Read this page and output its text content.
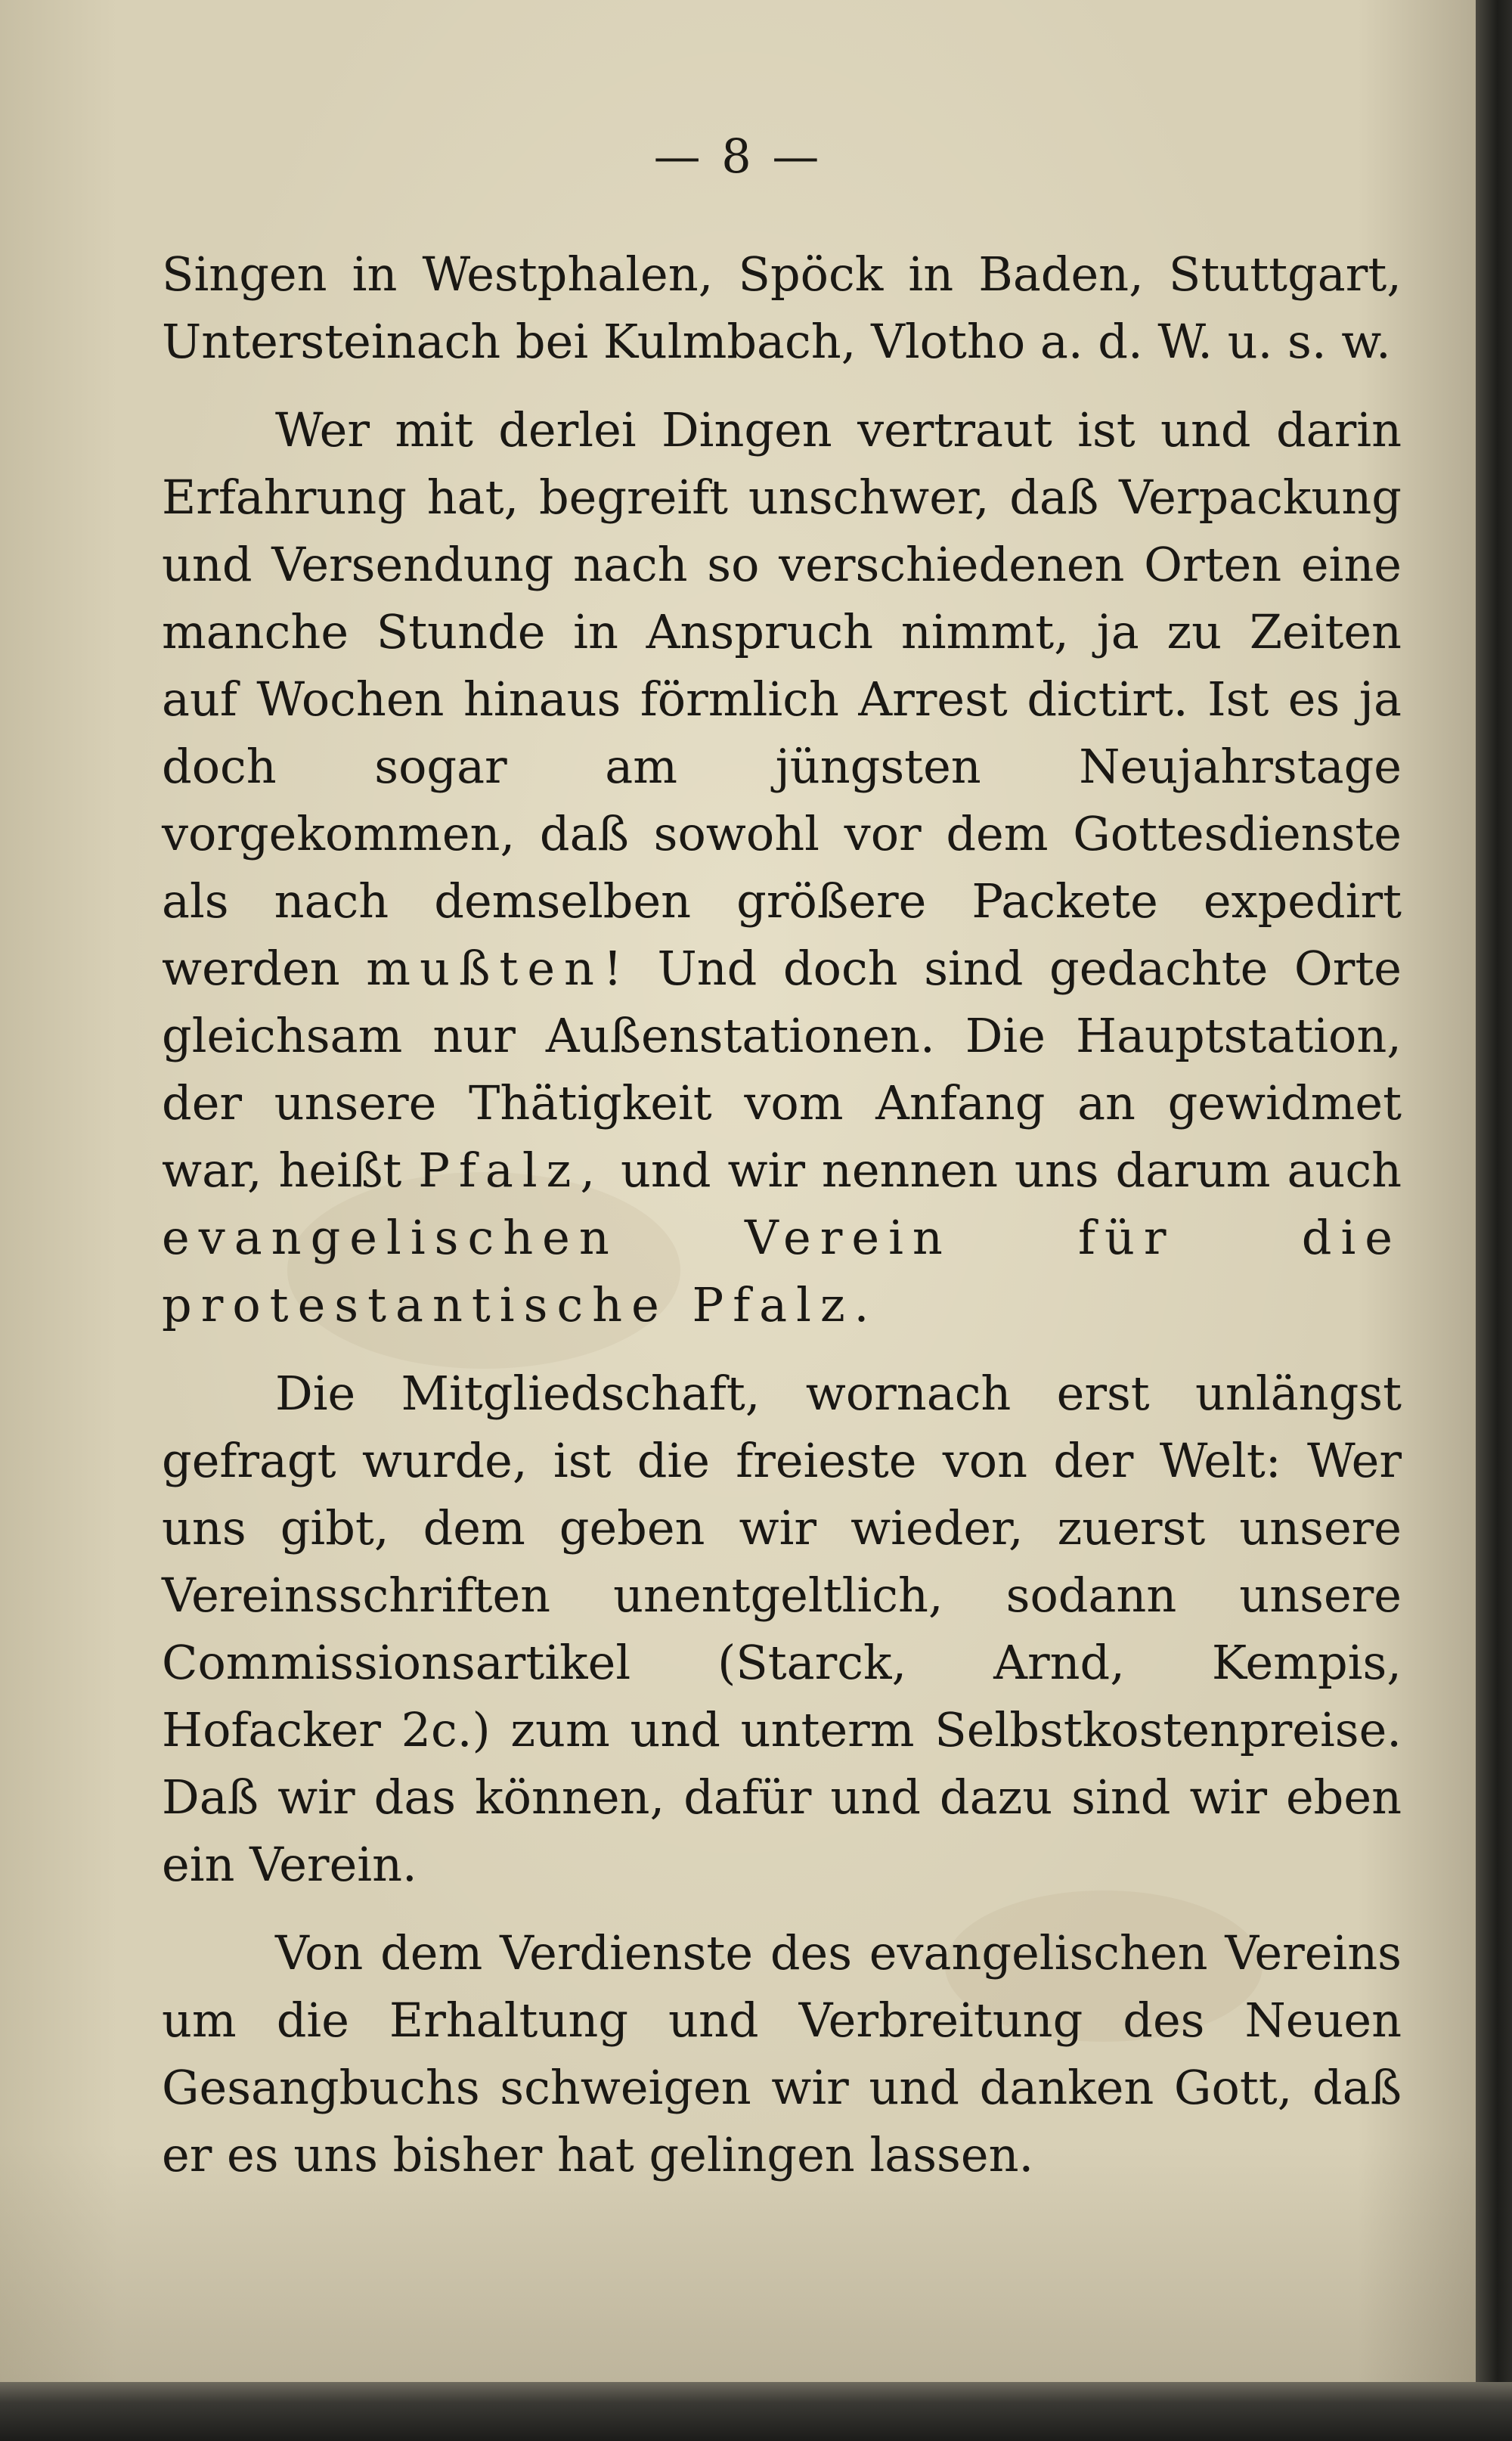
— 8 —

Singen in Westphalen, Spöck in Baden, Stuttgart, Untersteinach bei Kulmbach, Vlotho a. d. W. u. s. w.

Wer mit derlei Dingen vertraut ist und darin Erfahrung hat, begreift unschwer, daß Verpackung und Versendung nach so verschiedenen Orten eine manche Stunde in Anspruch nimmt, ja zu Zeiten auf Wochen hinaus förmlich Arrest dictirt. Ist es ja doch sogar am jüngsten Neujahrstage vorgekommen, daß sowohl vor dem Gottesdienste als nach demselben größere Packete expedirt werden mußten! Und doch sind gedachte Orte gleichsam nur Außenstationen. Die Hauptstation, der unsere Thätigkeit vom Anfang an gewidmet war, heißt Pfalz, und wir nennen uns darum auch evangelischen Verein für die protestantische Pfalz.

Die Mitgliedschaft, wornach erst unlängst gefragt wurde, ist die freieste von der Welt: Wer uns gibt, dem geben wir wieder, zuerst unsere Vereinsschriften unentgeltlich, sodann unsere Commissionsartikel (Starck, Arnd, Kempis, Hofacker 2c.) zum und unterm Selbstkostenpreise. Daß wir das können, dafür und dazu sind wir eben ein Verein.

Von dem Verdienste des evangelischen Vereins um die Erhaltung und Verbreitung des Neuen Gesangbuchs schweigen wir und danken Gott, daß er es uns bisher hat gelingen lassen.
